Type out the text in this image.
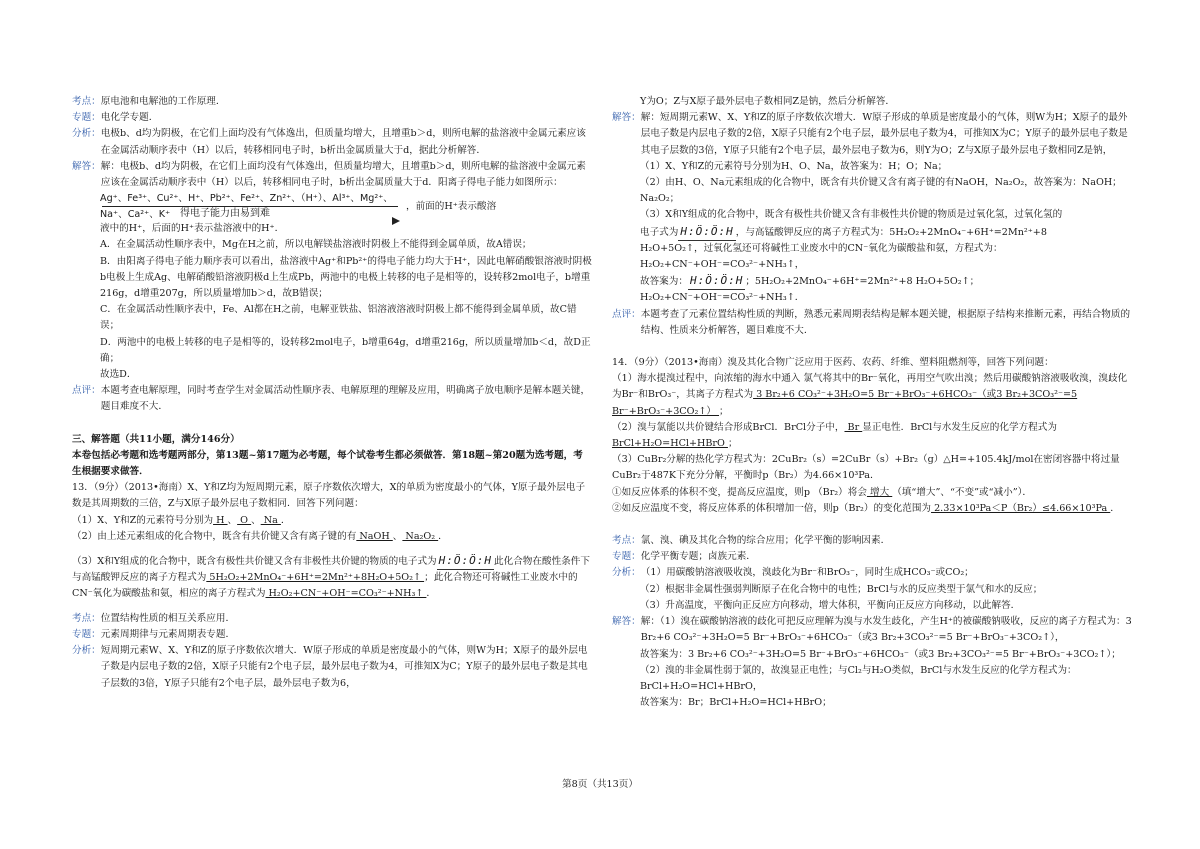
考点： 原电池和电解池的工作原理．
专题： 电化学专题．
分析： 电极b、d均为阴极，在它们上面均没有气体逸出，但质量均增大，且增重b＞d，则所电解的盐溶液中金属元素应该在金属活动顺序表中（H）以后，转移相同电子时，b析出金属质量大于d，据此分析解答．
解答： 解：电极b、d均为阴极，在它们上面均没有气体逸出，但质量均增大，且增重b＞d，则所电解的盐溶液中金属元素应该在金属活动顺序表中（H）以后，转移相同电子时，b析出金属质量大于d．阳离子得电子能力如图所示：
Ag⁺、Fe³⁺、Cu²⁺、H⁺、Pb²⁺、Fe²⁺、Zn²⁺、（H⁺）、Al³⁺、Mg²⁺、Na⁺、Ca²⁺、K⁺ 得电子能力由易到难
，前面的H⁺表示酸溶
液中的H⁺，后面的H⁺表示盐溶液中的H⁺．
A．在金属活动性顺序表中，Mg在H之前，所以电解镁盐溶液时阴极上不能得到金属单质，故A错误；
B．由阳离子得电子能力顺序表可以看出，盐溶液中Ag⁺和Pb²⁺的得电子能力均大于H⁺，因此电解硝酸银溶液时阴极b电极上生成Ag、电解硝酸铅溶液阴极d上生成Pb，两池中的电极上转移的电子是相等的，设转移2mol电子，b增重216g，d增重207g，所以质量增加b＞d，故B错误；
C．在金属活动性顺序表中，Fe、Al都在H之前，电解亚铁盐、铝溶液溶液时阴极上都不能得到金属单质，故C错误；
D．两池中的电极上转移的电子是相等的，设转移2mol电子，b增重64g，d增重216g，所以质量增加b＜d，故D正确；
故选D．
点评： 本题考查电解原理，同时考查学生对金属活动性顺序表、电解原理的理解及应用，明确离子放电顺序是解本题关键，题目难度不大．
三、解答题（共11小题，满分146分）
本卷包括必考题和选考题两部分，第13题~第17题为必考题，每个试卷考生都必须做答．第18题~第20题为选考题，考生根据要求做答．
13．（9分）（2013•海南）X、Y和Z均为短周期元素，原子序数依次增大，X的单质为密度最小的气体，Y原子最外层电子数是其周期数的三倍，Z与X原子最外层电子数相同．回答下列问题：
（1）X、Y和Z的元素符号分别为 H 、 O 、 Na ．
（2）由上述元素组成的化合物中，既含有共价键又含有离子键的有 NaOH 、 Na₂O₂ ．
（3）X和Y组成的化合物中，既含有极性共价键又含有非极性共价键的物质的电子式为 H:Ö:Ö:H 此化合物在酸性条件下与高锰酸钾反应的离子方程式为 5H₂O₂+2MnO₄⁻+6H⁺=2Mn²⁺+8H₂O+5O₂↑ ；此化合物还可将碱性工业废水中的CN⁻氧化为碳酸盐和氨，相应的离子方程式为 H₂O₂+CN⁻+OH⁻=CO₃²⁻+NH₃↑ ．
考点： 位置结构性质的相互关系应用．
专题： 元素周期律与元素周期表专题．
分析： 短周期元素W、X、Y和Z的原子序数依次增大．W原子形成的单质是密度最小的气体，则W为H；X原子的最外层电子数是内层电子数的2倍，X原子只能有2个电子层，最外层电子数为4，可推知X为C；Y原子的最外层电子数是其电子层数的3倍，Y原子只能有2个电子层，最外层电子数为6，
Y为O；Z与X原子最外层电子数相同Z是钠，然后分析解答．
解答： 解：短周期元素W、X、Y和Z的原子序数依次增大．W原子形成的单质是密度最小的气体，则W为H；X原子的最外层电子数是内层电子数的2倍，X原子只能有2个电子层，最外层电子数为4，可推知X为C；Y原子的最外层电子数是其电子层数的3倍，Y原子只能有2个电子层，最外层电子数为6，则Y为O；Z与X原子最外层电子数相同Z是钠，
（1）X、Y和Z的元素符号分别为H、O、Na，故答案为：H；O；Na；
（2）由H、O、Na元素组成的化合物中，既含有共价键又含有离子键的有NaOH，Na₂O₂，故答案为：NaOH；Na₂O₂；
（3）X和Y组成的化合物中，既含有极性共价键又含有非极性共价键的物质是过氧化氢，过氧化氢的
电子式为 H:Ö:Ö:H ，与高锰酸钾反应的离子方程式为：5H₂O₂+2MnO₄⁻+6H⁺=2Mn²⁺+8
H₂O+5O₂↑，过氧化氢还可将碱性工业废水中的CN⁻氧化为碳酸盐和氨，方程式为：
H₂O₂+CN⁻+OH⁻=CO₃²⁻+NH₃↑，
故答案为： H:Ö:Ö:H ；5H₂O₂+2MnO₄⁻+6H⁺=2Mn²⁺+8 H₂O+5O₂↑；
H₂O₂+CN⁻+OH⁻=CO₃²⁻+NH₃↑．
点评： 本题考查了元素位置结构性质的判断，熟悉元素周期表结构是解本题关键，根据原子结构来推断元素，再结合物质的结构、性质来分析解答，题目难度不大．
14．（9分）（2013•海南）溴及其化合物广泛应用于医药、农药、纤维、塑料阻燃剂等，回答下列问题：
（1）海水提溴过程中，向浓缩的海水中通入 氯气将其中的Br⁻氧化，再用空气吹出溴；然后用碳酸钠溶液吸收溴，溴歧化为Br⁻和BrO₃⁻，其离子方程式为 3 Br₂+6 CO₃²⁻+3H₂O=5 Br⁻+BrO₃⁻+6HCO₃⁻（或3 Br₂+3CO₃²⁻=5 Br⁻+BrO₃⁻+3CO₂↑） ；
（2）溴与氯能以共价键结合形成BrCl．BrCl分子中， Br 显正电性．BrCl与水发生反应的化学方程式为BrCl+H₂O=HCl+HBrO ；
（3）CuBr₂分解的热化学方程式为：2CuBr₂（s）=2CuBr（s）+Br₂（g）△H=+105.4kJ/mol在密闭容器中将过量CuBr₂于487K下充分分解，平衡时p（Br₂）为4.66×10³Pa．
①如反应体系的体积不变，提高反应温度，则p （Br₂）将会 增大 （填“增大”、“不变”或“减小”）．
②如反应温度不变，将反应体系的体积增加一倍，则p（Br₂）的变化范围为 2.33×10³Pa＜P（Br₂）≤4.66×10³Pa ．
考点： 氯、溴、碘及其化合物的综合应用；化学平衡的影响因素．
专题： 化学平衡专题；卤族元素．
分析： （1）用碳酸钠溶液吸收溴，溴歧化为Br⁻和BrO₃⁻，同时生成HCO₃⁻或CO₂；
（2）根据非金属性强弱判断原子在化合物中的电性；BrCl与水的反应类型于氯气和水的反应；
（3）升高温度，平衡向正反应方向移动，增大体积，平衡向正反应方向移动，以此解答．
解答： 解：（1）溴在碳酸钠溶液的歧化可把反应理解为溴与水发生歧化，产生H⁺的被碳酸钠吸收，反应的离子方程式为：3 Br₂+6 CO₃²⁻+3H₂O=5 Br⁻+BrO₃⁻+6HCO₃⁻（或3 Br₂+3CO₃²⁻=5 Br⁻+BrO₃⁻+3CO₂↑），
故答案为：3 Br₂+6 CO₃²⁻+3H₂O=5 Br⁻+BrO₃⁻+6HCO₃⁻（或3 Br₂+3CO₃²⁻=5 Br⁻+BrO₃⁻+3CO₂↑）；
（2）溴的非金属性弱于氯的，故溴显正电性；与Cl₂与H₂O类似，BrCl与水发生反应的化学方程式为：BrCl+H₂O=HCl+HBrO，
故答案为：Br；BrCl+H₂O=HCl+HBrO；
第8页（共13页）
